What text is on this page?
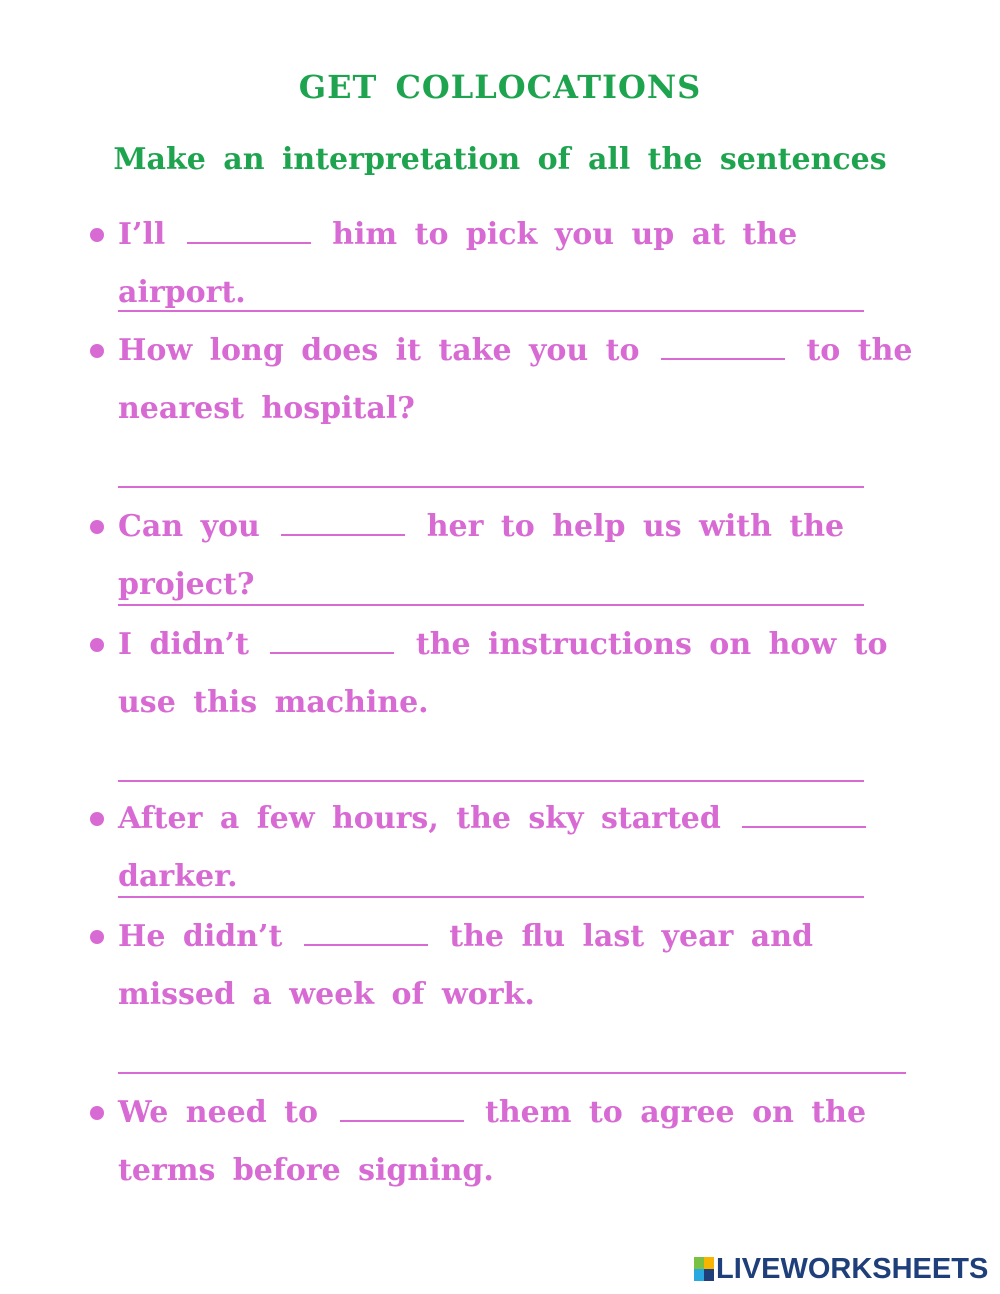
GET COLLOCATIONS
Make an interpretation of all the sentences
I’ll	him to pick you up at the airport.
How long does it take you to	to the nearest hospital?
Can you	her to help us with the project?
I didn’t	the instructions on how to use this machine.
After a few hours, the sky started  darker.
He didn’t	the flu last year and missed a week of work.
We need to	them to agree on the terms before signing.
LIVEWORKSHEETS
